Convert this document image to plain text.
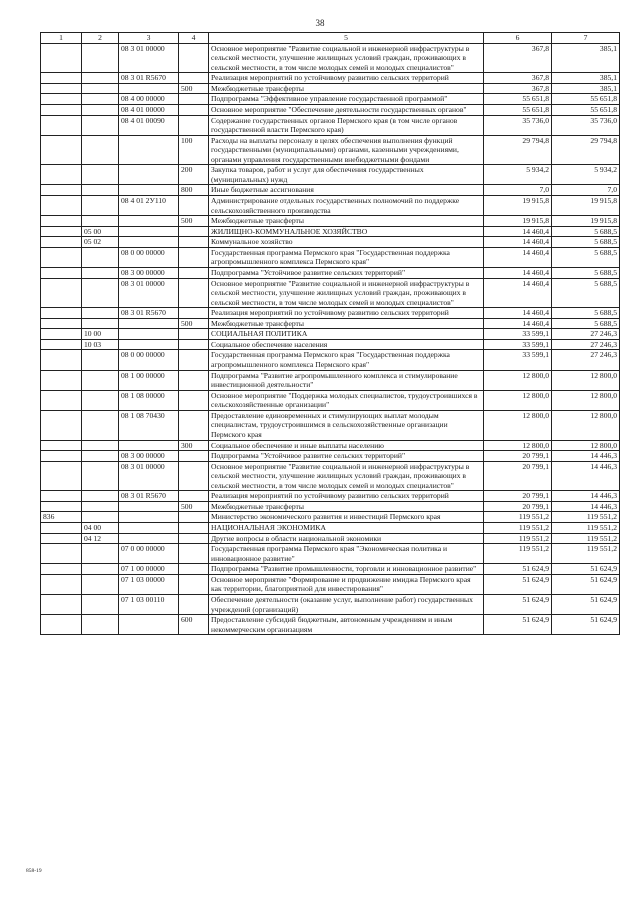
38
1	2	3	4	5	6	7
		08 3 01 00000		Основное мероприятие "Развитие социальной и инженерной инфраструктуры в сельской местности, улучшение жилищных условий граждан, проживающих в сельской местности, в том числе молодых семей и молодых специалистов"	367,8	385,1
		08 3 01 R5670		Реализация мероприятий по устойчивому развитию сельских территорий	367,8	385,1
			500	Межбюджетные трансферты	367,8	385,1
		08 4 00 00000		Подпрограмма "Эффективное управление государственной программой"	55 651,8	55 651,8
		08 4 01 00000		Основное мероприятие "Обеспечение деятельности государственных органов"	55 651,8	55 651,8
		08 4 01 00090		Содержание государственных органов Пермского края (в том числе органов государственной власти Пермского края)	35 736,0	35 736,0
			100	Расходы на выплаты персоналу в целях обеспечения выполнения функций государственными (муниципальными) органами, казенными учреждениями, органами управления государственными внебюджетными фондами	29 794,8	29 794,8
			200	Закупка товаров, работ и услуг для обеспечения государственных (муниципальных) нужд	5 934,2	5 934,2
			800	Иные бюджетные ассигнования	7,0	7,0
		08 4 01 2У110		Администрирование отдельных государственных полномочий по поддержке сельскохозяйственного производства	19 915,8	19 915,8
			500	Межбюджетные трансферты	19 915,8	19 915,8
	05 00			ЖИЛИЩНО-КОММУНАЛЬНОЕ ХОЗЯЙСТВО	14 460,4	5 688,5
	05 02			Коммунальное хозяйство	14 460,4	5 688,5
		08 0 00 00000		Государственная программа Пермского края "Государственная поддержка агропромышленного комплекса Пермского края"	14 460,4	5 688,5
		08 3 00 00000		Подпрограмма "Устойчивое развитие сельских территорий"	14 460,4	5 688,5
		08 3 01 00000		Основное мероприятие "Развитие социальной и инженерной инфраструктуры в сельской местности, улучшение жилищных условий граждан, проживающих в сельской местности, в том числе молодых семей и молодых специалистов"	14 460,4	5 688,5
		08 3 01 R5670		Реализация мероприятий по устойчивому развитию сельских территорий	14 460,4	5 688,5
			500	Межбюджетные трансферты	14 460,4	5 688,5
	10 00			СОЦИАЛЬНАЯ ПОЛИТИКА	33 599,1	27 246,3
	10 03			Социальное обеспечение населения	33 599,1	27 246,3
		08 0 00 00000		Государственная программа Пермского края "Государственная поддержка агропромышленного комплекса Пермского края"	33 599,1	27 246,3
		08 1 00 00000		Подпрограмма "Развитие агропромышленного комплекса и стимулирование инвестиционной деятельности"	12 800,0	12 800,0
		08 1 08 00000		Основное мероприятие "Поддержка молодых специалистов, трудоустроившихся в сельскохозяйственные организации"	12 800,0	12 800,0
		08 1 08 70430		Предоставление единовременных и стимулирующих выплат молодым специалистам, трудоустроившимся в сельскохозяйственные организации Пермского края	12 800,0	12 800,0
			300	Социальное обеспечение и иные выплаты населению	12 800,0	12 800,0
		08 3 00 00000		Подпрограмма "Устойчивое развитие сельских территорий"	20 799,1	14 446,3
		08 3 01 00000		Основное мероприятие "Развитие социальной и инженерной инфраструктуры в сельской местности, улучшение жилищных условий граждан, проживающих в сельской местности, в том числе молодых семей и молодых специалистов"	20 799,1	14 446,3
		08 3 01 R5670		Реализация мероприятий по устойчивому развитию сельских территорий	20 799,1	14 446,3
			500	Межбюджетные трансферты	20 799,1	14 446,3
836				Министерство экономического развития и инвестиций Пермского края	119 551,2	119 551,2
	04 00			НАЦИОНАЛЬНАЯ ЭКОНОМИКА	119 551,2	119 551,2
	04 12			Другие вопросы в области национальной экономики	119 551,2	119 551,2
		07 0 00 00000		Государственная программа Пермского края "Экономическая политика и инновационное развитие"	119 551,2	119 551,2
		07 1 00 00000		Подпрограмма "Развитие промышленности, торговли и инновационное развитие"	51 624,9	51 624,9
		07 1 03 00000		Основное мероприятие "Формирование и продвижение имиджа Пермского края как территории, благоприятной для инвестирования"	51 624,9	51 624,9
		07 1 03 00110		Обеспечение деятельности (оказание услуг, выполнение работ) государственных учреждений (организаций)	51 624,9	51 624,9
			600	Предоставление субсидий бюджетным, автономным учреждениям и иным некоммерческим организациям	51 624,9	51 624,9
858-19
